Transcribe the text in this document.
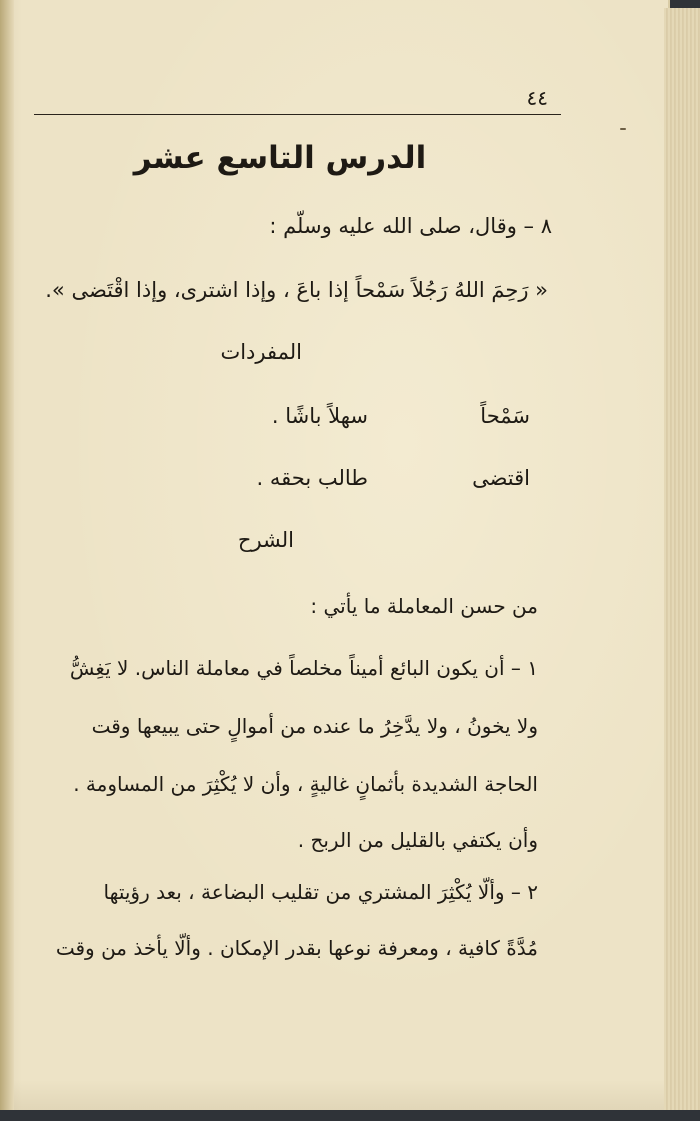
٤٤
الدرس التاسع عشر
٨ – وقال، صلى الله عليه وسلّم :
« رَحِمَ اللهُ رَجُلاً سَمْحاً إذا باعَ ، وإذا اشترى، وإذا اقْتَضى ».
المفردات
سَمْحاً
سهلاً باشًا .
اقتضى
طالب بحقه .
الشرح
من حسن المعاملة ما يأتي :
١ – أن يكون البائع أميناً مخلصاً في معاملة الناس. لا يَغِشُّ
ولا يخونُ ، ولا يدَّخِرُ ما عنده من أموالٍ حتى يبيعها وقت
الحاجة الشديدة بأثمانٍ غاليةٍ ، وأن لا يُكْثِرَ من المساومة .
وأن يكتفي بالقليل من الربح .
٢ – وألّا يُكْثِرَ المشتري من تقليب البضاعة ، بعد رؤيتها
مُدَّةً كافية ، ومعرفة نوعها بقدر الإمكان . وألّا يأخذ من وقت
